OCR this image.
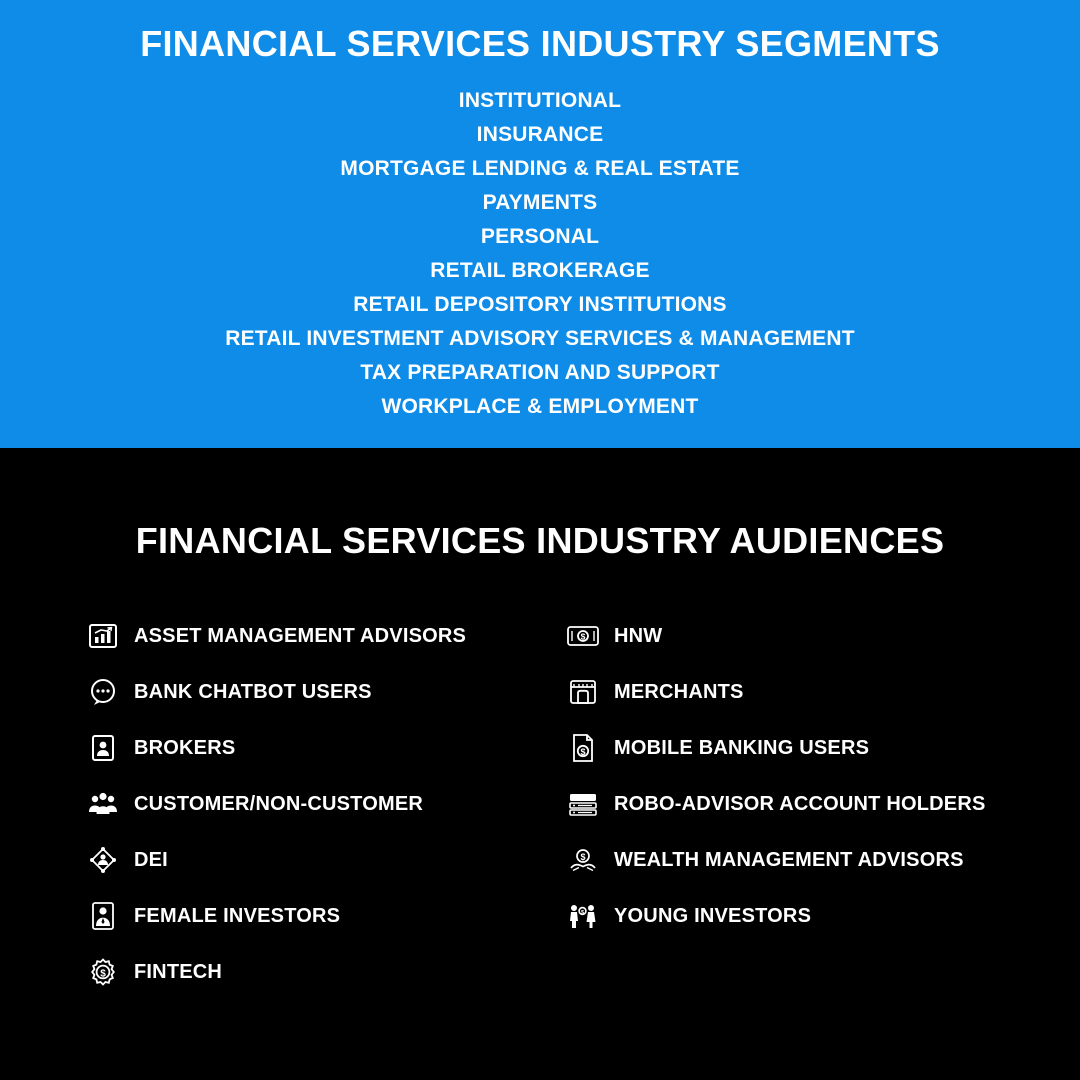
FINANCIAL SERVICES INDUSTRY SEGMENTS
INSTITUTIONAL
INSURANCE
MORTGAGE LENDING & REAL ESTATE
PAYMENTS
PERSONAL
RETAIL BROKERAGE
RETAIL DEPOSITORY INSTITUTIONS
RETAIL INVESTMENT ADVISORY SERVICES & MANAGEMENT
TAX PREPARATION AND SUPPORT
WORKPLACE & EMPLOYMENT
FINANCIAL SERVICES INDUSTRY AUDIENCES
ASSET MANAGEMENT ADVISORS
BANK CHATBOT USERS
BROKERS
CUSTOMER/NON-CUSTOMER
DEI
FEMALE INVESTORS
$ FINTECH
$ HNW
MERCHANTS
$ MOBILE BANKING USERS
ROBO-ADVISOR ACCOUNT HOLDERS
$ WEALTH MANAGEMENT ADVISORS
$ YOUNG INVESTORS
